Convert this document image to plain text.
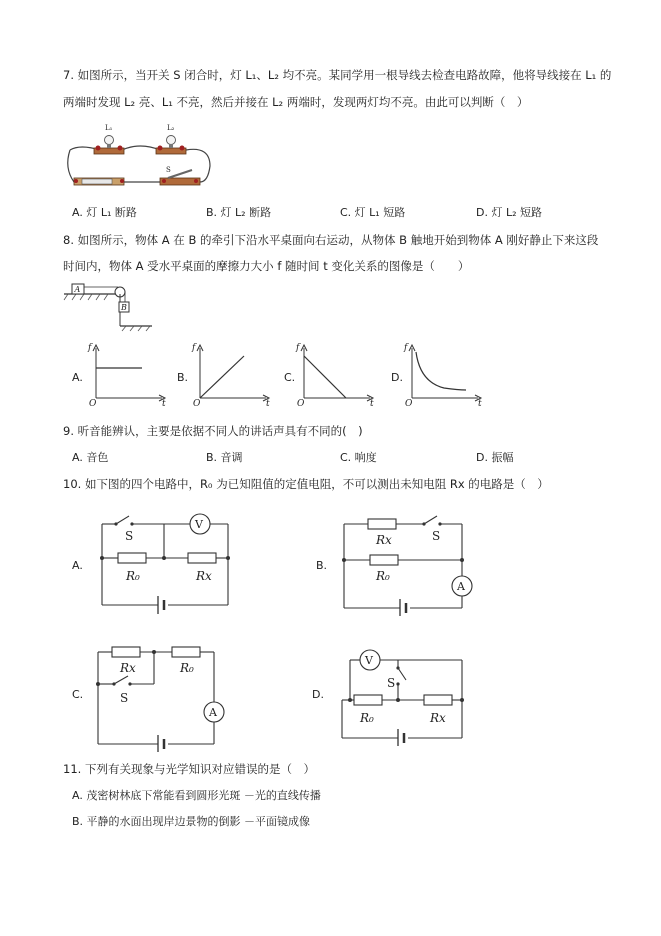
7. 如图所示，当开关 S 闭合时，灯 L₁、L₂ 均不亮。某同学用一根导线去检查电路故障，他将导线接在 L₁ 的
两端时发现 L₂ 亮、L₁ 不亮，然后并接在 L₂ 两端时，发现两灯均不亮。由此可以判断（　）
L₁	L₂
S
A. 灯 L₁ 断路	B. 灯 L₂ 断路	C. 灯 L₁ 短路	D. 灯 L₂ 短路
8. 如图所示，物体 A 在 B 的牵引下沿水平桌面向右运动，从物体 B 触地开始到物体 A 刚好静止下来这段
时间内，物体 A 受水平桌面的摩擦力大小 f 随时间 t 变化关系的图像是（　　）
A
B
A.
f
t
O
B.
f
t
O
C.
f
t
O
D.
f
t
O
9. 听音能辨认，主要是依据不同人的讲话声具有不同的(　)
A. 音色	B. 音调	C. 响度	D. 振幅
10. 如下图的四个电路中，R₀ 为已知阻值的定值电阻，不可以测出未知电阻 Rx 的电路是（　）
A.
V
S
R₀	Rx
B.
A
S
Rx
R₀
C.
A
S
Rx	R₀
D.
V
S
R₀	Rx
11. 下列有关现象与光学知识对应错误的是（　）
A. 茂密树林底下常能看到圆形光斑 －光的直线传播
B. 平静的水面出现岸边景物的倒影 －平面镜成像
